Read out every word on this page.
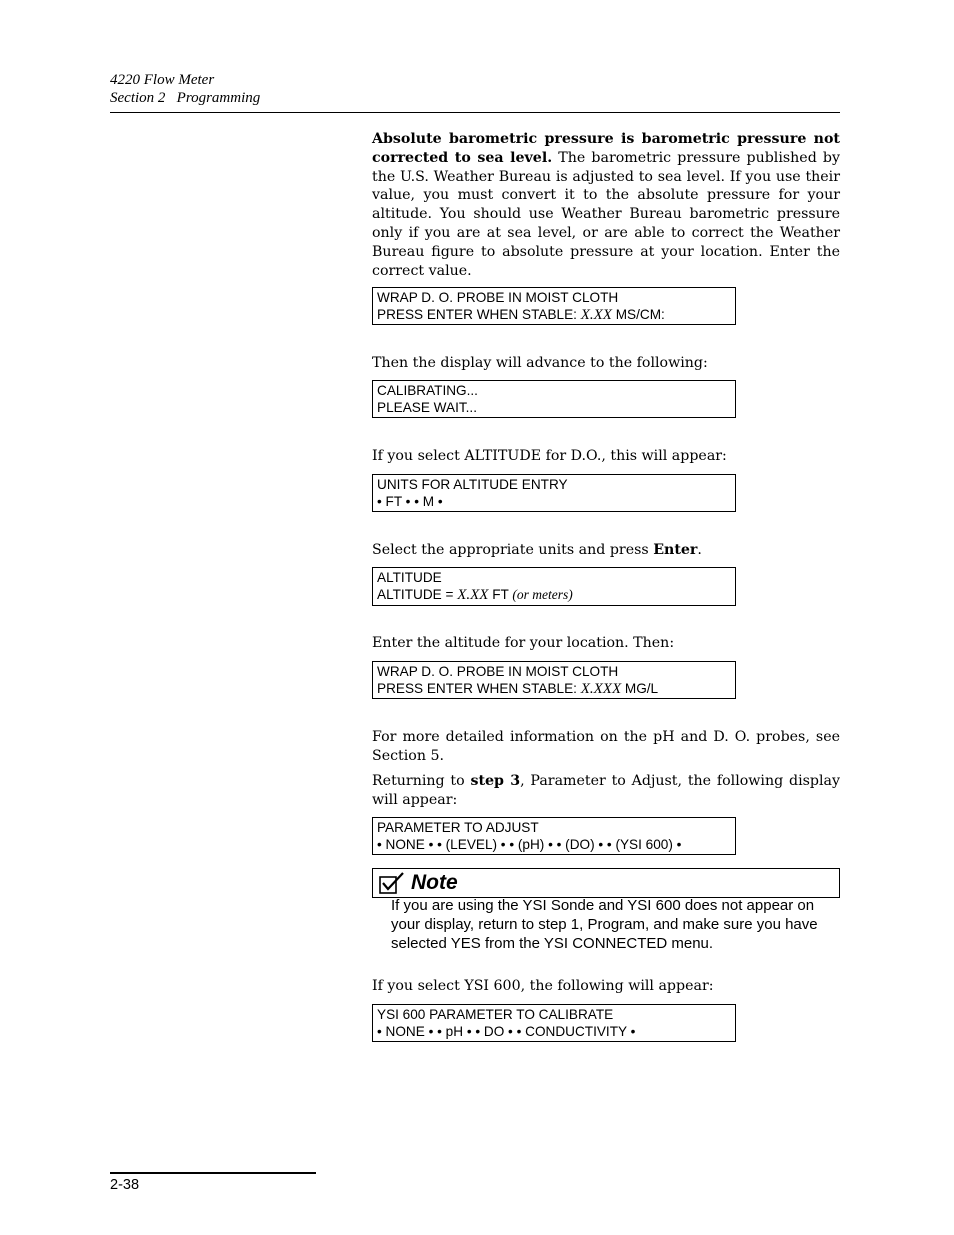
4220 Flow Meter
Section 2   Programming

Absolute barometric pressure is barometric pressure not corrected to sea level. The barometric pressure published by the U.S. Weather Bureau is adjusted to sea level. If you use their value, you must convert it to the absolute pressure for your altitude. You should use Weather Bureau barometric pressure only if you are at sea level, or are able to correct the Weather Bureau figure to absolute pressure at your location. Enter the correct value.

WRAP D. O. PROBE IN MOIST CLOTH
PRESS ENTER WHEN STABLE: X.XX MS/CM:

Then the display will advance to the following:

CALIBRATING...
PLEASE WAIT...

If you select ALTITUDE for D.O., this will appear:

UNITS FOR ALTITUDE ENTRY
• FT • • M •

Select the appropriate units and press Enter.

ALTITUDE
ALTITUDE = X.XX FT (or meters)

Enter the altitude for your location. Then:

WRAP D. O. PROBE IN MOIST CLOTH
PRESS ENTER WHEN STABLE: X.XXX MG/L

For more detailed information on the pH and D. O. probes, see Section 5.

Returning to step 3, Parameter to Adjust, the following display will appear:

PARAMETER TO ADJUST
• NONE • • (LEVEL) • • (pH) • • (DO) • • (YSI 600) •
Note
If you are using the YSI Sonde and YSI 600 does not appear on your display, return to step 1, Program, and make sure you have selected YES from the YSI CONNECTED menu.

If you select YSI 600, the following will appear:

YSI 600 PARAMETER TO CALIBRATE
• NONE • • pH • • DO • • CONDUCTIVITY •
2-38
